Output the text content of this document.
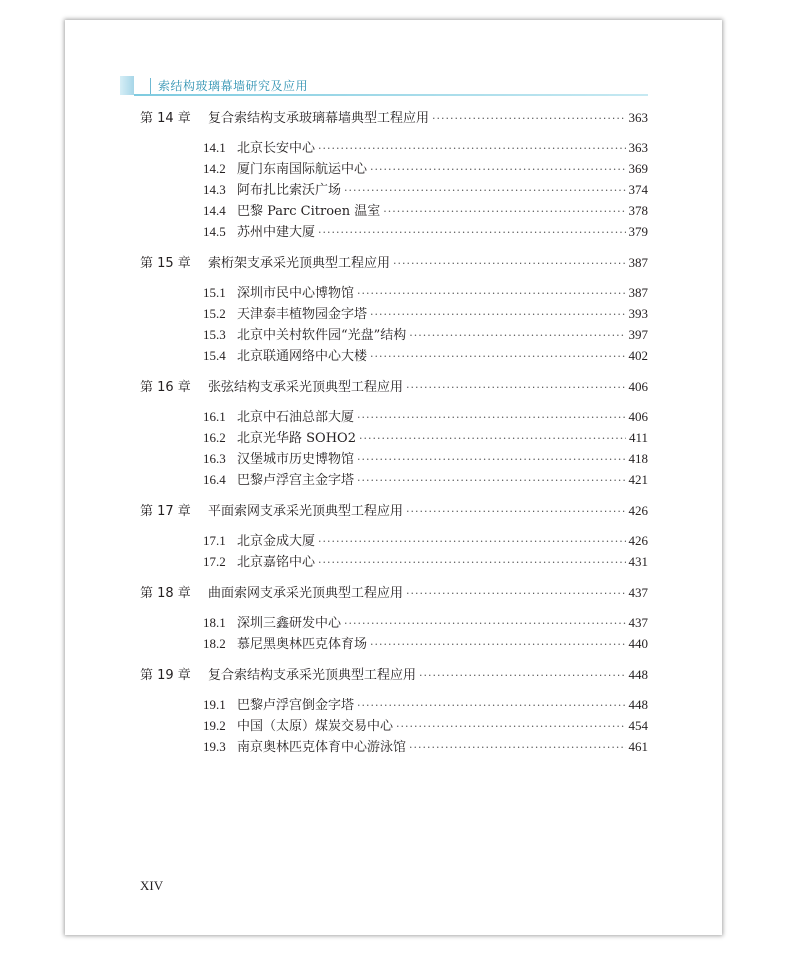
索结构玻璃幕墙研究及应用
第 14 章	复合索结构支承玻璃幕墙典型工程应用 ·····	363
14.1 北京长安中心 ·····	363
14.2 厦门东南国际航运中心 ·····	369
14.3 阿布扎比索沃广场 ·····	374
14.4 巴黎 Parc Citroen 温室 ·····	378
14.5 苏州中建大厦 ·····	379
第 15 章	索桁架支承采光顶典型工程应用 ·····	387
15.1 深圳市民中心博物馆 ·····	387
15.2 天津泰丰植物园金字塔 ·····	393
15.3 北京中关村软件园“光盘”结构 ·····	397
15.4 北京联通网络中心大楼 ·····	402
第 16 章	张弦结构支承采光顶典型工程应用 ·····	406
16.1 北京中石油总部大厦 ·····	406
16.2 北京光华路 SOHO2 ·····	411
16.3 汉堡城市历史博物馆 ·····	418
16.4 巴黎卢浮宫主金字塔 ·····	421
第 17 章	平面索网支承采光顶典型工程应用 ·····	426
17.1 北京金成大厦 ·····	426
17.2 北京嘉铭中心 ·····	431
第 18 章	曲面索网支承采光顶典型工程应用 ·····	437
18.1 深圳三鑫研发中心 ·····	437
18.2 慕尼黑奥林匹克体育场 ·····	440
第 19 章	复合索结构支承采光顶典型工程应用 ·····	448
19.1 巴黎卢浮宫倒金字塔 ·····	448
19.2 中国（太原）煤炭交易中心 ·····	454
19.3 南京奥林匹克体育中心游泳馆 ·····	461
XIV
